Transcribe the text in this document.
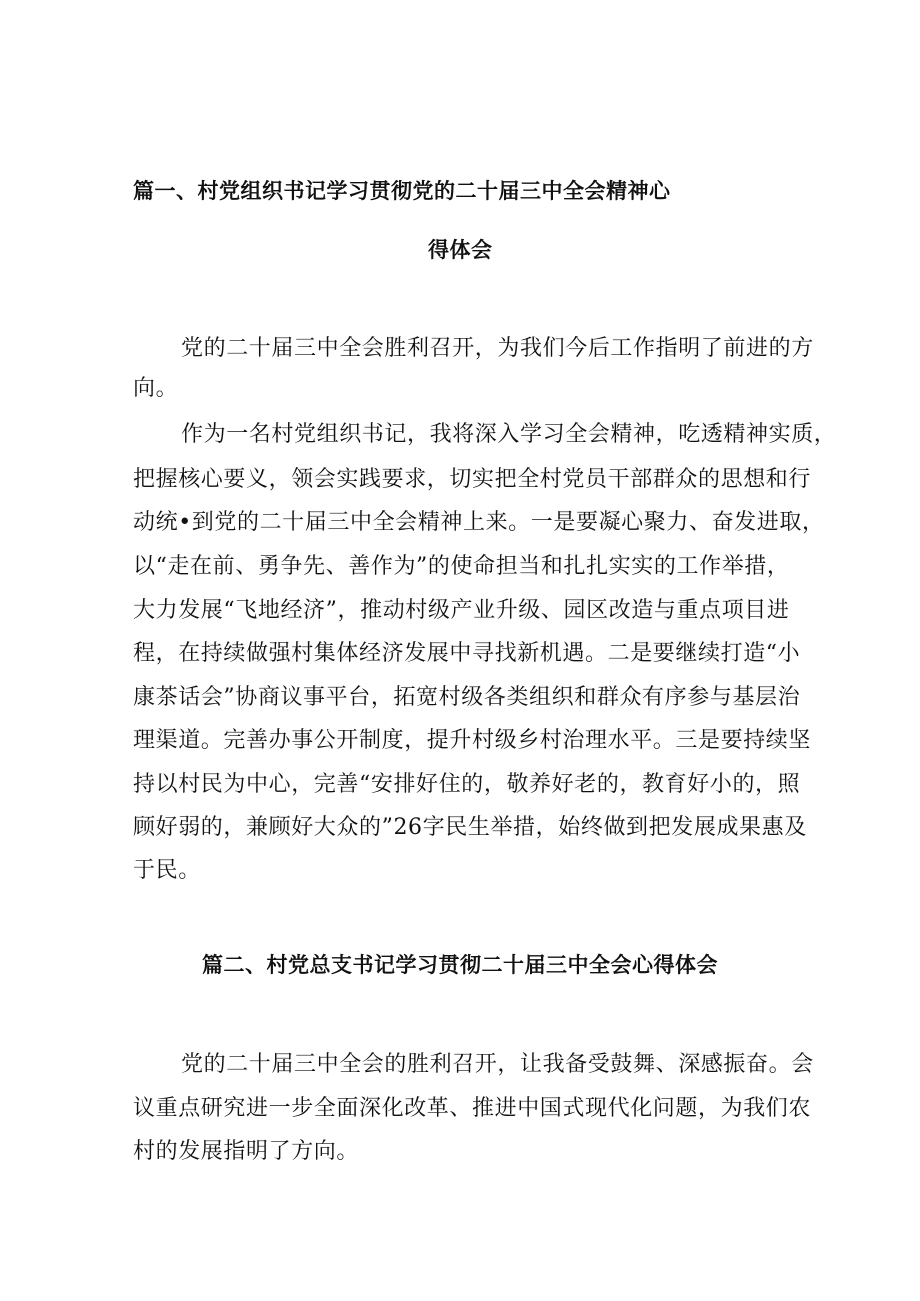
篇一、村党组织书记学习贯彻党的二十届三中全会精神心
得体会
党的二十届三中全会胜利召开，为我们今后工作指明了前进的方
向。
作为一名村党组织书记，我将深入学习全会精神，吃透精神实质，
把握核心要义，领会实践要求，切实把全村党员干部群众的思想和行
动统•到党的二十届三中全会精神上来。一是要凝心聚力、奋发进取，
以“走在前、勇争先、善作为”的使命担当和扎扎实实的工作举措，
大力发展“飞地经济”，推动村级产业升级、园区改造与重点项目进
程，在持续做强村集体经济发展中寻找新机遇。二是要继续打造“小
康茶话会”协商议事平台，拓宽村级各类组织和群众有序参与基层治
理渠道。完善办事公开制度，提升村级乡村治理水平。三是要持续坚
持以村民为中心，完善“安排好住的，敬养好老的，教育好小的，照
顾好弱的，兼顾好大众的”26字民生举措，始终做到把发展成果惠及
于民。
篇二、村党总支书记学习贯彻二十届三中全会心得体会
党的二十届三中全会的胜利召开，让我备受鼓舞、深感振奋。会
议重点研究进一步全面深化改革、推进中国式现代化问题，为我们农
村的发展指明了方向。
